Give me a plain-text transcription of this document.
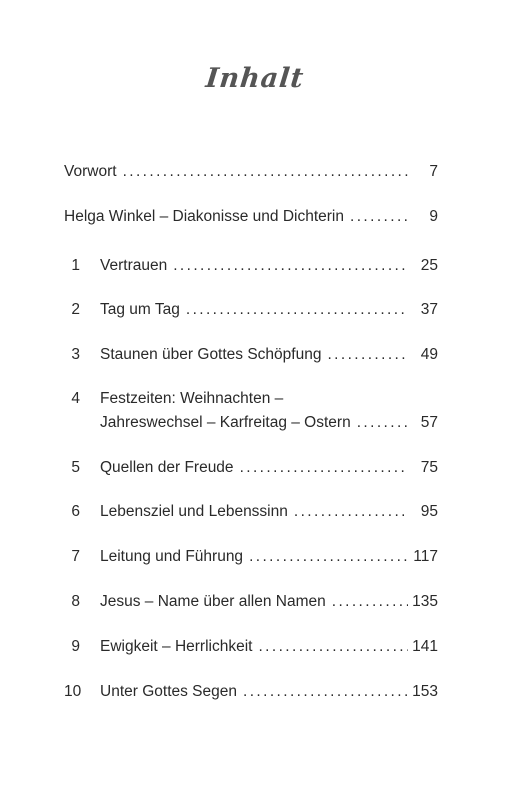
Inhalt
Vorwort .....	7
Helga Winkel – Diakonisse und Dichterin .....	9
1 Vertrauen .....	25
2 Tag um Tag .....	37
3 Staunen über Gottes Schöpfung .....	49
4 Festzeiten: Weihnachten –
Jahreswechsel – Karfreitag – Ostern .....	57
5 Quellen der Freude .....	75
6 Lebensziel und Lebenssinn .....	95
7 Leitung und Führung .....	117
8 Jesus – Name über allen Namen .....	135
9 Ewigkeit – Herrlichkeit .....	141
10 Unter Gottes Segen .....	153
